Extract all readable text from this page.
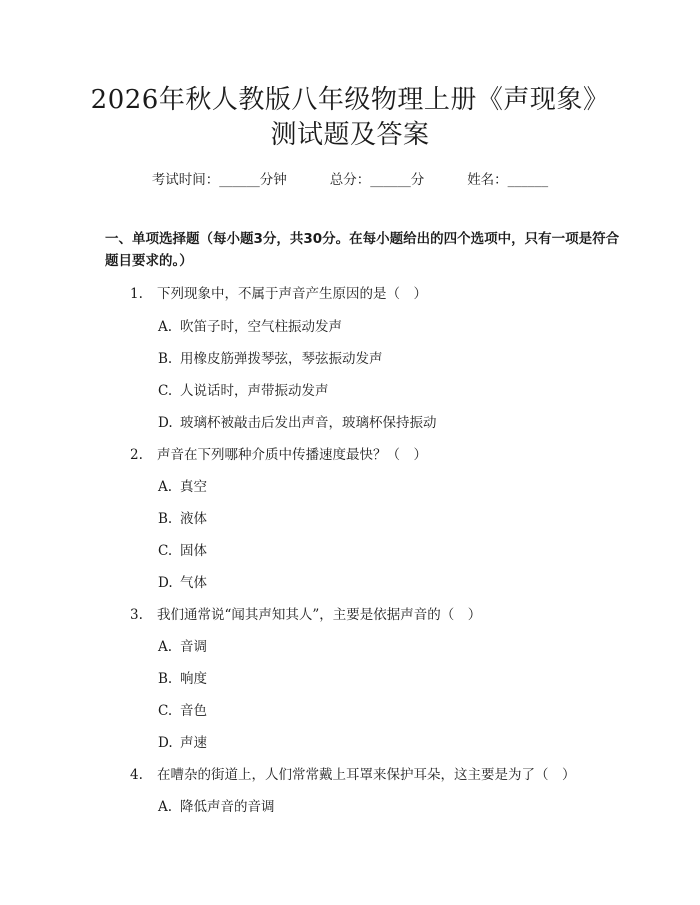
2026年秋人教版八年级物理上册《声现象》
测试题及答案
考试时间：______分钟	总分：______分	姓名：______
一、单项选择题（每小题3分，共30分。在每小题给出的四个选项中，只有一项是符合题目要求的。）
1. 下列现象中，不属于声音产生原因的是（　）
A. 吹笛子时，空气柱振动发声
B. 用橡皮筋弹拨琴弦，琴弦振动发声
C. 人说话时，声带振动发声
D. 玻璃杯被敲击后发出声音，玻璃杯保持振动
2. 声音在下列哪种介质中传播速度最快？（　）
A. 真空
B. 液体
C. 固体
D. 气体
3. 我们通常说“闻其声知其人”，主要是依据声音的（　）
A. 音调
B. 响度
C. 音色
D. 声速
4. 在嘈杂的街道上，人们常常戴上耳罩来保护耳朵，这主要是为了（　）
A. 降低声音的音调
